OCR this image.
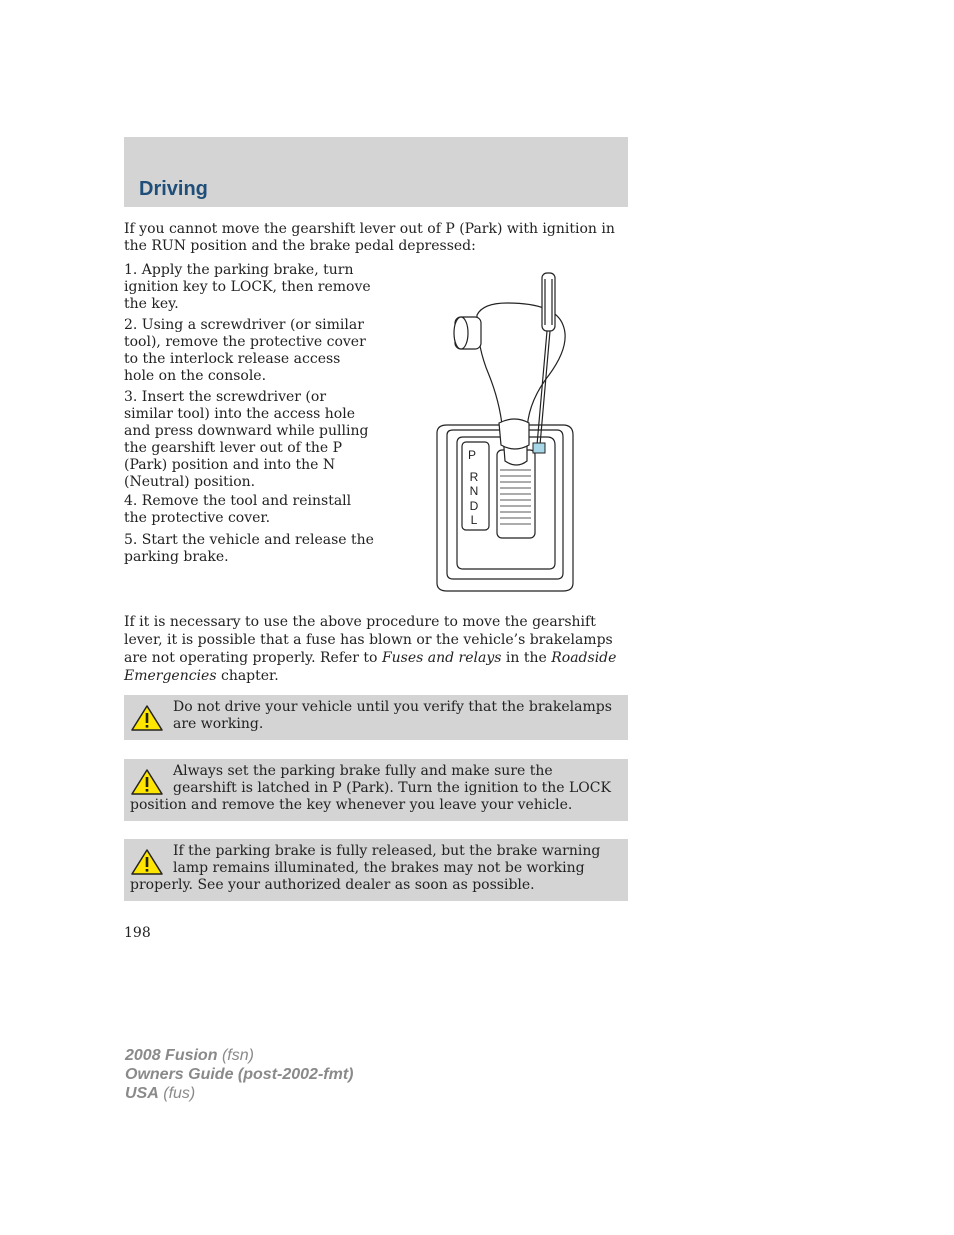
Driving

If you cannot move the gearshift lever out of P (Park) with ignition in the RUN position and the brake pedal depressed:

1. Apply the parking brake, turn ignition key to LOCK, then remove the key.

2. Using a screwdriver (or similar tool), remove the protective cover to the interlock release access hole on the console.

3. Insert the screwdriver (or similar tool) into the access hole and press downward while pulling the gearshift lever out of the P (Park) position and into the N (Neutral) position.

4. Remove the tool and reinstall the protective cover.

5. Start the vehicle and release the parking brake.

P
R
N
D
L

If it is necessary to use the above procedure to move the gearshift lever, it is possible that a fuse has blown or the vehicle’s brakelamps are not operating properly. Refer to Fuses and relays in the Roadside Emergencies chapter.

Do not drive your vehicle until you verify that the brakelamps are working.
Always set the parking brake fully and make sure the gearshift is latched in P (Park). Turn the ignition to the LOCK position and remove the key whenever you leave your vehicle.
If the parking brake is fully released, but the brake warning lamp remains illuminated, the brakes may not be working properly. See your authorized dealer as soon as possible.
198
2008 Fusion (fsn)
Owners Guide (post-2002-fmt)
USA (fus)
